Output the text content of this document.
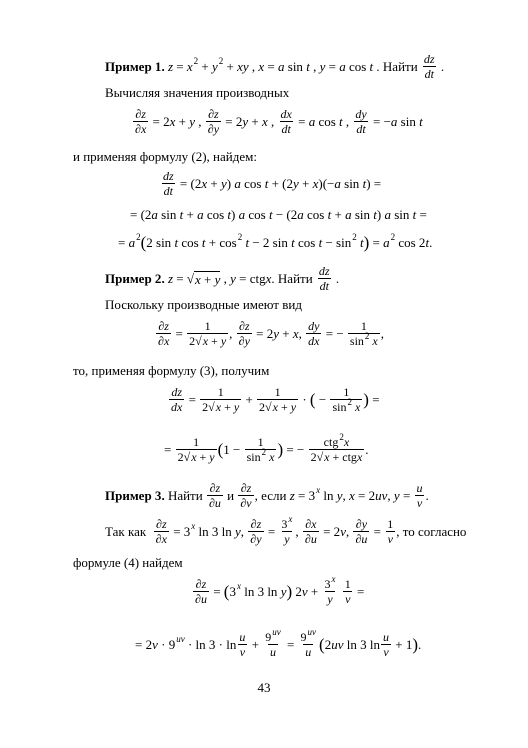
Пример 1 .
z = x 2 + y 2 + xy , x = a sin t , y = a cos t . Найти
$\frac{dz}{dt}$ .
Вычисляя значения производных
$\frac{\partial z}{\partial x} = 2$ x + y , $\frac{\partial z}{\partial y} = 2$ y + x , $\frac{dx}{dt} = a$ cos t , $\frac{dy}{dt}$ = − a sin t
и применяя формулу (2), найдем:
$\frac{dz}{dt} = (2$ x + y ) a cos t + (2 y + x )(− a sin t ) =
= (2 a sin t + a cos t ) a cos t − (2 a cos t + a sin t ) a sin t =
= a 2 ( 2 sin t cos t + cos 2
t − 2 sin t cos t − sin 2
t ) = a 2 cos 2 t .
Пример 2 .
z = √ x + y , y = ctg x . Найти
$\frac{dz}{dt}$ .
Поскольку производные имеют вид
$\frac{\partial z}{\partial x} = \frac{1}{2√x + y}$ , $\frac{\partial z}{\partial y} = 2$ y + x , $\frac{dy}{dx}$ = − $\frac{1}{\sin^2 x}$ ,
то, применяя формулу (3), получим
$\frac{dz}{dx} = \frac{1}{2√x + y} + \frac{1}{2√x + y}$ · ( − $\frac{1}{\sin^2 x}$ ) =
= $\frac{1}{2√x + y}$ ( $1 - \frac{1}{\sin^2 x}$ ) = − $\frac{ctg^2x}{\text{2√x + ctgx}}$ .
Пример 3 .
Найти
$\frac{\partial z}{\partial u}$
и
$\frac{\partial z}{\partial v}$ , если
z = 3 x ln y , x = 2 uv , $y = \frac{u}{v}$ .
Так как
$\frac{\partial z}{\partial x} = 3$ x ln 3 ln y , $\frac{\partial z}{\partial y} = \frac{3^x}{y}$ , $\frac{\partial x}{\partial u} = 2$ v , $\frac{\partial y}{\partial u} = \frac{1}{v}$ , то согласно
формуле (4) найдем
$\frac{\partial z}{\partial u}$ = ( 3 x ln 3 ln y ) 2 $v + \frac{3^x}{y}$
$\frac{1}{v}$ =
= 2 v · 9 uv · $\ln 3 \cdot \ln \frac{u}{v} + \frac{9^{uv}}{u} = \frac{9^{uv}}{u}$ ( 2 uv ln 3 $\ln \frac{u}{v} + 1$ ) .
43
